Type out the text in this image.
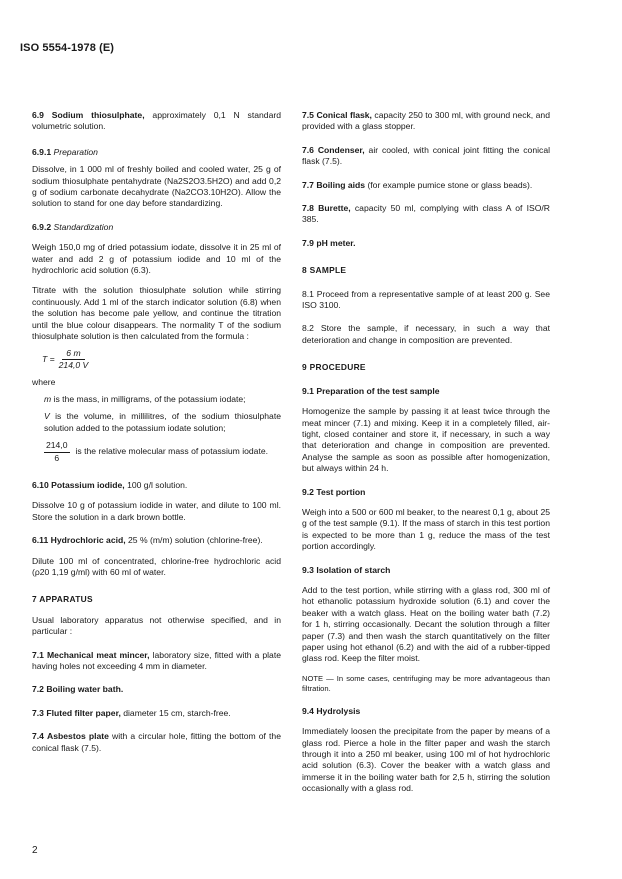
ISO 5554-1978 (E)

6.9 Sodium thiosulphate, approximately 0,1 N standard volumetric solution.

6.9.1 Preparation

Dissolve, in 1 000 ml of freshly boiled and cooled water, 25 g of sodium thiosulphate pentahydrate (Na2S2O3.5H2O) and add 0,2 g of sodium carbonate decahydrate (Na2CO3.10H2O). Allow the solution to stand for one day before standardizing.

6.9.2 Standardization

Weigh 150,0 mg of dried potassium iodate, dissolve it in 25 ml of water and add 2 g of potassium iodide and 10 ml of the hydrochloric acid solution (6.3).

Titrate with the solution thiosulphate solution while stirring continuously. Add 1 ml of the starch indicator solution (6.8) when the solution has become pale yellow, and continue the titration until the blue colour disappears. The normality T of the sodium thiosulphate solution is then calculated from the formula :

$T = \frac{6 m}{214,0 V}$

where

m is the mass, in milligrams, of the potassium iodate;

V is the volume, in millilitres, of the sodium thiosulphate solution added to the potassium iodate solution;

$\frac{214,0}{6}$ is the relative molecular mass of potassium iodate.

6.10 Potassium iodide, 100 g/l solution.

Dissolve 10 g of potassium iodide in water, and dilute to 100 ml. Store the solution in a dark brown bottle.

6.11 Hydrochloric acid, 25 % (m/m) solution (chlorine-free).

Dilute 100 ml of concentrated, chlorine-free hydrochloric acid (ρ20 1,19 g/ml) with 60 ml of water.

7 APPARATUS

Usual laboratory apparatus not otherwise specified, and in particular :

7.1 Mechanical meat mincer, laboratory size, fitted with a plate having holes not exceeding 4 mm in diameter.

7.2 Boiling water bath.

7.3 Fluted filter paper, diameter 15 cm, starch-free.

7.4 Asbestos plate with a circular hole, fitting the bottom of the conical flask (7.5).

7.5 Conical flask, capacity 250 to 300 ml, with ground neck, and provided with a glass stopper.

7.6 Condenser, air cooled, with conical joint fitting the conical flask (7.5).

7.7 Boiling aids (for example pumice stone or glass beads).

7.8 Burette, capacity 50 ml, complying with class A of ISO/R 385.

7.9 pH meter.

8 SAMPLE

8.1 Proceed from a representative sample of at least 200 g. See ISO 3100.

8.2 Store the sample, if necessary, in such a way that deterioration and change in composition are prevented.

9 PROCEDURE

9.1 Preparation of the test sample

Homogenize the sample by passing it at least twice through the meat mincer (7.1) and mixing. Keep it in a completely filled, air-tight, closed container and store it, if necessary, in such a way that deterioration and change in composition are prevented. Analyse the sample as soon as possible after homogenization, but always within 24 h.

9.2 Test portion

Weigh into a 500 or 600 ml beaker, to the nearest 0,1 g, about 25 g of the test sample (9.1). If the mass of starch in this test portion is expected to be more than 1 g, reduce the mass of the test portion accordingly.

9.3 Isolation of starch

Add to the test portion, while stirring with a glass rod, 300 ml of hot ethanolic potassium hydroxide solution (6.1) and cover the beaker with a watch glass. Heat on the boiling water bath (7.2) for 1 h, stirring occasionally. Decant the solution through a filter paper (7.3) and then wash the starch quantitatively on the filter paper using hot ethanol (6.2) and with the aid of a rubber-tipped glass rod. Keep the filter moist.

NOTE — In some cases, centrifuging may be more advantageous than filtration.

9.4 Hydrolysis

Immediately loosen the precipitate from the paper by means of a glass rod. Pierce a hole in the filter paper and wash the starch through it into a 250 ml beaker, using 100 ml of hot hydrochloric acid solution (6.3). Cover the beaker with a watch glass and immerse it in the boiling water bath for 2,5 h, stirring the solution occasionally with a glass rod.

2
